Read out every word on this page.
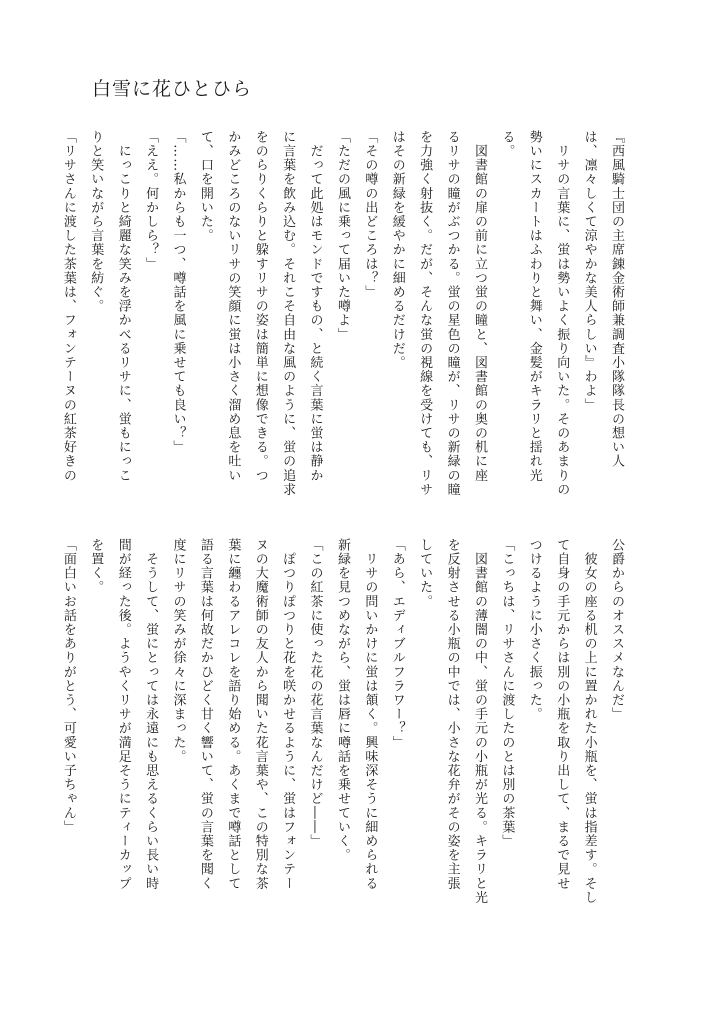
白雪に花ひとひら
『西風騎士団の主席錬金術師兼調査小隊隊長の想い人
は、凛々しくて涼やかな美人らしい』わよ」
　リサの言葉に、蛍は勢いよく振り向いた。そのあまりの
勢いにスカートはふわりと舞い、金髪がキラリと揺れ光
る。
　図書館の扉の前に立つ蛍の瞳と、図書館の奥の机に座
るリサの瞳がぶつかる。蛍の星色の瞳が、リサの新緑の瞳
を力強く射抜く。だが、そんな蛍の視線を受けても、リサ
はその新緑を緩やかに細めるだけだ。
「その噂の出どころは？」
「ただの風に乗って届いた噂よ」
　だって此処はモンドですもの、と続く言葉に蛍は静か
に言葉を飲み込む。それこそ自由な風のように、蛍の追求
をのらりくらりと躱すリサの姿は簡単に想像できる。つ
かみどころのないリサの笑顔に蛍は小さく溜め息を吐い
て、口を開いた。
「……私からも一つ、噂話を風に乗せても良い？」
「ええ。何かしら？」
　にっこりと綺麗な笑みを浮かべるリサに、蛍もにっこ
りと笑いながら言葉を紡ぐ。
「リサさんに渡した茶葉は、フォンテーヌの紅茶好きの
公爵からのオススメなんだ」
　彼女の座る机の上に置かれた小瓶を、蛍は指差す。そし
て自身の手元からは別の小瓶を取り出して、まるで見せ
つけるように小さく振った。
「こっちは、リサさんに渡したのとは別の茶葉」
　図書館の薄闇の中、蛍の手元の小瓶が光る。キラリと光
を反射させる小瓶の中では、小さな花弁がその姿を主張
していた。
「あら、エディブルフラワー？」
　リサの問いかけに蛍は頷く。興味深そうに細められる
新緑を見つめながら、蛍は唇に噂話を乗せていく。
「この紅茶に使った花の花言葉なんだけど――」
　ぽつりぽつりと花を咲かせるように、蛍はフォンテー
ヌの大魔術師の友人から聞いた花言葉や、この特別な茶
葉に纏わるアレコレを語り始める。あくまで噂話として
語る言葉は何故だかひどく甘く響いて、蛍の言葉を聞く
度にリサの笑みが徐々に深まった。
　そうして、蛍にとっては永遠にも思えるくらい長い時
間が経った後。ようやくリサが満足そうにティーカップ
を置く。
「面白いお話をありがとう、可愛い子ちゃん」
